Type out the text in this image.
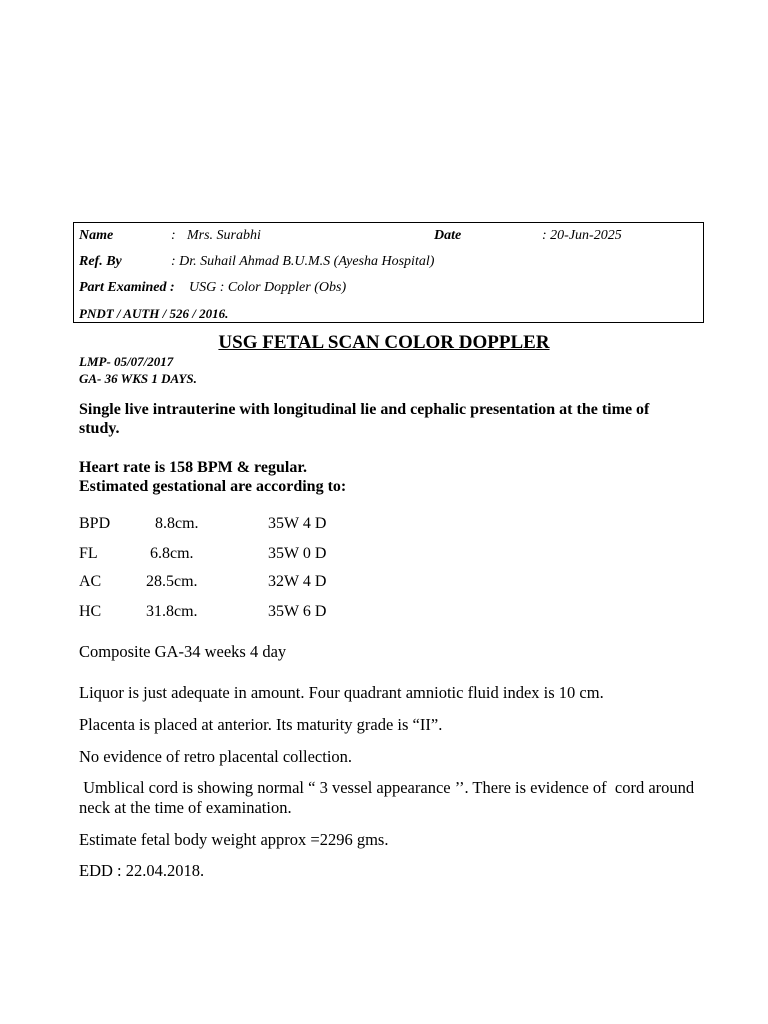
Name	: Mrs. Surabhi	Date	: 20-Jun-2025
Ref. By	: Dr. Suhail Ahmad B.U.M.S (Ayesha Hospital)
Part Examined : USG : Color Doppler (Obs)
PNDT / AUTH / 526 / 2016.
USG FETAL SCAN COLOR DOPPLER
LMP- 05/07/2017
GA- 36 WKS 1 DAYS.
Single live intrauterine with longitudinal lie and cephalic presentation at the time of study.
Heart rate is 158 BPM & regular.
Estimated gestational are according to:
BPD	8.8cm.	35W 4 D
FL	6.8cm.	35W 0 D
AC	28.5cm.	32W 4 D
HC	31.8cm.	35W 6 D
Composite GA-34 weeks 4 day
Liquor is just adequate in amount. Four quadrant amniotic fluid index is 10 cm.
Placenta is placed at anterior. Its maturity grade is “II”.
No evidence of retro placental collection.
Umblical cord is showing normal “ 3 vessel appearance ’’. There is evidence of  cord around neck at the time of examination.
Estimate fetal body weight approx =2296 gms.
EDD : 22.04.2018.
